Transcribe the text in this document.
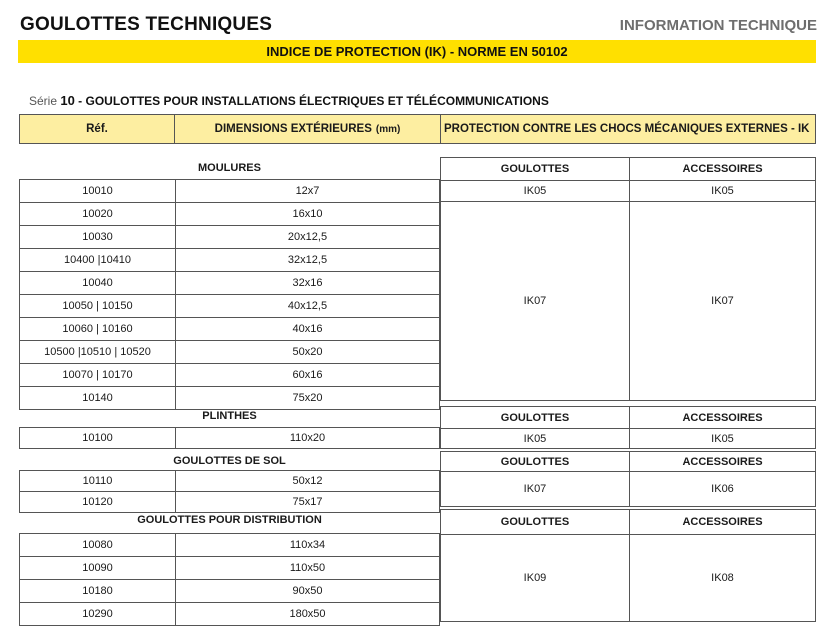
GOULOTTES TECHNIQUES	INFORMATION TECHNIQUE
INDICE DE PROTECTION (IK) - NORME EN 50102
Série 10 - GOULOTTES POUR INSTALLATIONS ÉLECTRIQUES ET TÉLÉCOMMUNICATIONS
Réf.	DIMENSIONS EXTÉRIEURES (mm)	PROTECTION CONTRE LES CHOCS MÉCANIQUES EXTERNES - IK
MOULURES
10010	12x7
10020	16x10
10030	20x12,5
10400 |10410	32x12,5
10040	32x16
10050 | 10150	40x12,5
10060 | 10160	40x16
10500 |10510 | 10520	50x20
10070 | 10170	60x16
10140	75x20
GOULOTTES	ACCESSOIRES
IK05	IK05
IK07	IK07
PLINTHES
10100	110x20
GOULOTTES	ACCESSOIRES
IK05	IK05
GOULOTTES DE SOL
10110	50x12
10120	75x17
GOULOTTES	ACCESSOIRES
IK07	IK06
GOULOTTES POUR DISTRIBUTION
10080	110x34
10090	110x50
10180	90x50
10290	180x50
GOULOTTES	ACCESSOIRES
IK09	IK08
